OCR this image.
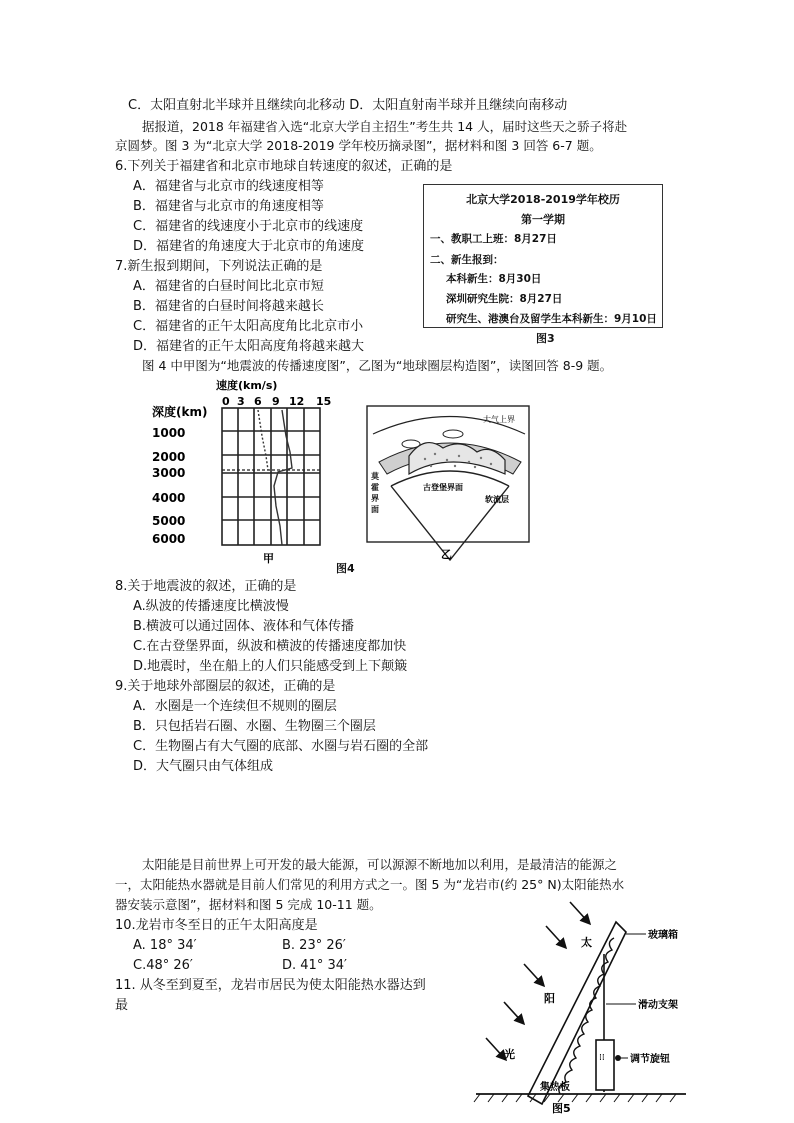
C．太阳直射北半球并且继续向北移动 D．太阳直射南半球并且继续向南移动
据报道，2018 年福建省入选“北京大学自主招生”考生共 14 人，届时这些天之骄子将赴
京圆梦。图 3 为“北京大学 2018-2019 学年校历摘录图”，据材料和图 3 回答 6-7 题。
6.下列关于福建省和北京市地球自转速度的叙述，正确的是
A．福建省与北京市的线速度相等
B．福建省与北京市的角速度相等
C．福建省的线速度小于北京市的线速度
D．福建省的角速度大于北京市的角速度
7.新生报到期间，下列说法正确的是
A．福建省的白昼时间比北京市短
B．福建省的白昼时间将越来越长
C．福建省的正午太阳高度角比北京市小
D．福建省的正午太阳高度角将越来越大
北京大学2018-2019学年校历
第一学期
一、教职工上班：8月27日
二、新生报到：
本科新生：8月30日
深圳研究生院：8月27日
研究生、港澳台及留学生本科新生：9月10日
图3
图 4 中甲图为“地震波的传播速度图”，乙图为“地球圈层构造图”，读图回答 8-9 题。
速度(km/s)
0 3 6 9 12 15
深度(km)
1000
2000
3000
4000
5000
6000
甲
大气上界
莫
霍
界
面
古登堡界面
软流层
乙
图4
8.关于地震波的叙述，正确的是
A.纵波的传播速度比横波慢
B.横波可以通过固体、液体和气体传播
C.在古登堡界面，纵波和横波的传播速度都加快
D.地震时，坐在船上的人们只能感受到上下颠簸
9.关于地球外部圈层的叙述，正确的是
A．水圈是一个连续但不规则的圈层
B．只包括岩石圈、水圈、生物圈三个圈层
C．生物圈占有大气圈的底部、水圈与岩石圈的全部
D．大气圈只由气体组成
太阳能是目前世界上可开发的最大能源，可以源源不断地加以利用，是最清洁的能源之
一，太阳能热水器就是目前人们常见的利用方式之一。图 5 为“龙岩市(约 25° N)太阳能热水
器安装示意图”，据材料和图 5 完成 10-11 题。
10.龙岩市冬至日的正午太阳高度是
A. 18° 34′	B. 23° 26′
C.48° 26′	D. 41° 34′
11. 从冬至到夏至，龙岩市居民为使太阳能热水器达到
最
太
阳
光	⁞⁞
玻璃箱
滑动支架
调节旋钮
集热板
图5
